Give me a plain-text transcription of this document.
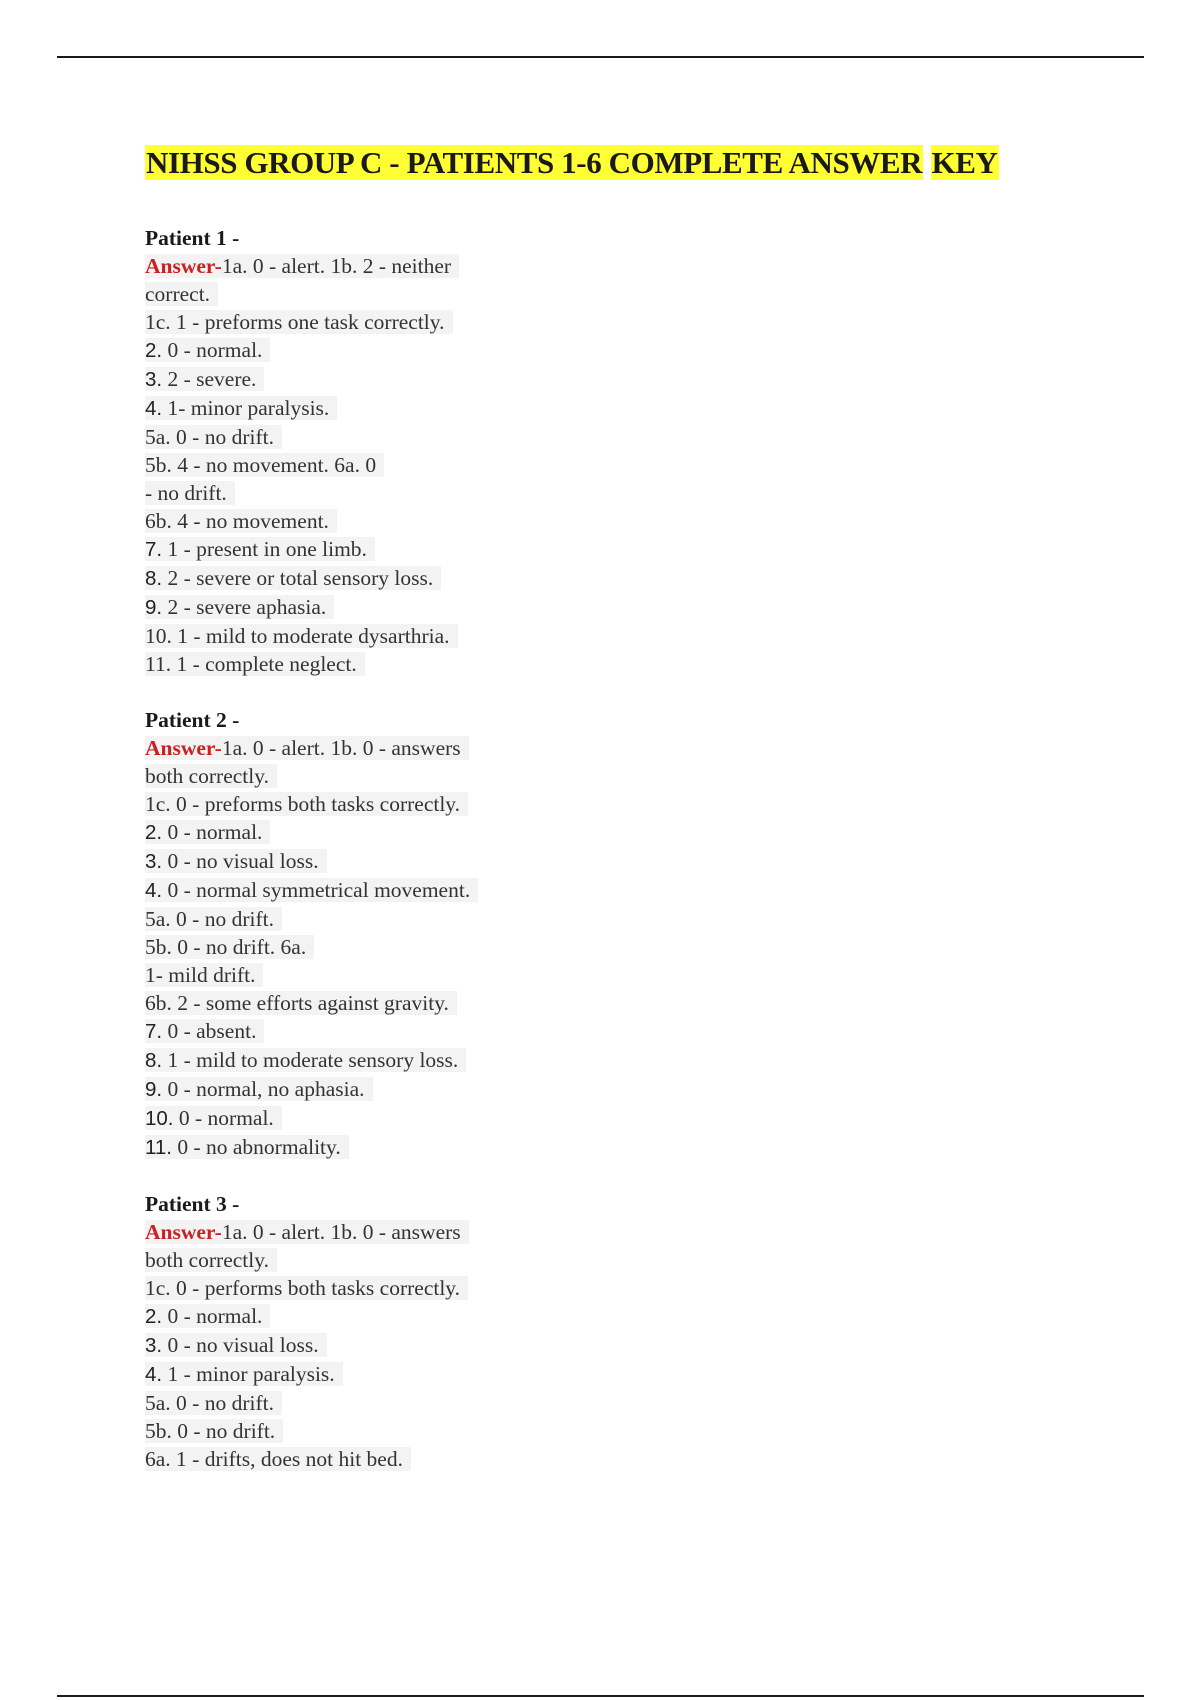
NIHSS GROUP C - PATIENTS 1-6 COMPLETE ANSWER KEY
Patient 1 -
Answer-1a. 0 - alert. 1b. 2 - neither
correct.
1c. 1 - preforms one task correctly.
2. 0 - normal.
3. 2 - severe.
4. 1- minor paralysis.
5a. 0 - no drift.
5b. 4 - no movement. 6a. 0
- no drift.
6b. 4 - no movement.
7. 1 - present in one limb.
8. 2 - severe or total sensory loss.
9. 2 - severe aphasia.
10. 1 - mild to moderate dysarthria.
11. 1 - complete neglect.
Patient 2 -
Answer-1a. 0 - alert. 1b. 0 - answers
both correctly.
1c. 0 - preforms both tasks correctly.
2. 0 - normal.
3. 0 - no visual loss.
4. 0 - normal symmetrical movement.
5a. 0 - no drift.
5b. 0 - no drift. 6a.
1- mild drift.
6b. 2 - some efforts against gravity.
7. 0 - absent.
8. 1 - mild to moderate sensory loss.
9. 0 - normal, no aphasia.
10. 0 - normal.
11. 0 - no abnormality.
Patient 3 -
Answer-1a. 0 - alert. 1b. 0 - answers
both correctly.
1c. 0 - performs both tasks correctly.
2. 0 - normal.
3. 0 - no visual loss.
4. 1 - minor paralysis.
5a. 0 - no drift.
5b. 0 - no drift.
6a. 1 - drifts, does not hit bed.
